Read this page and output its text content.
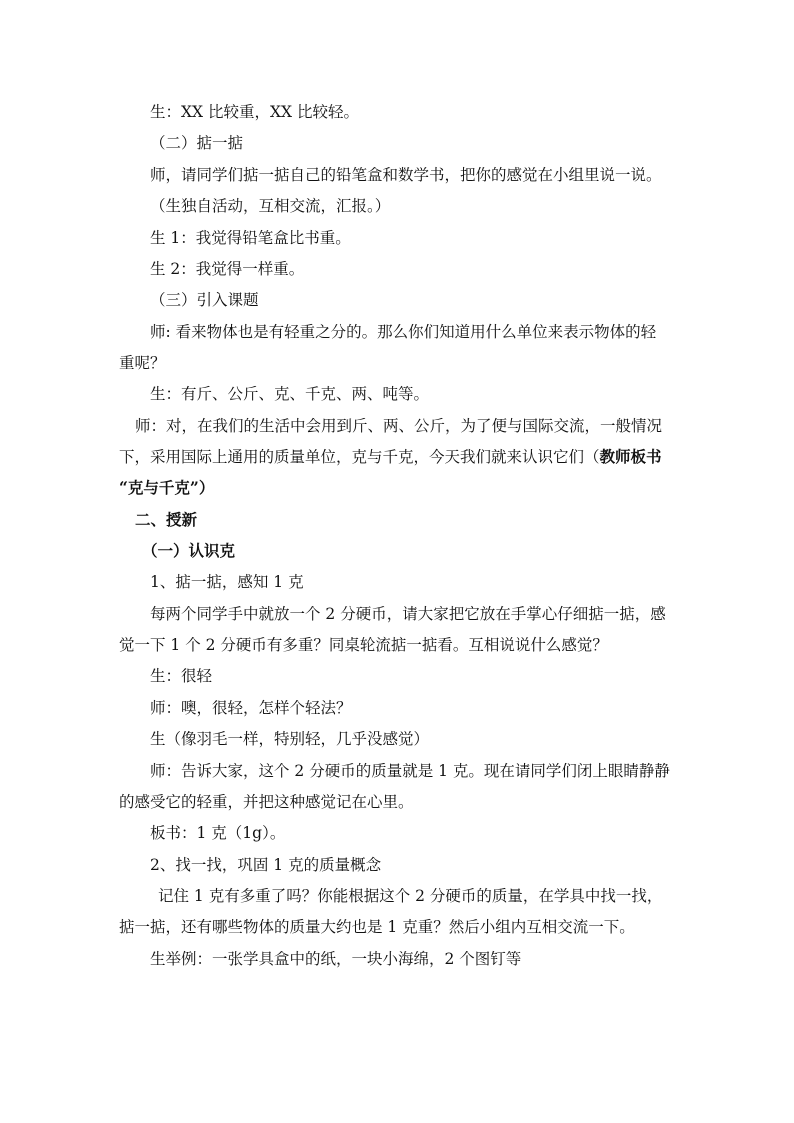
生：XX 比较重，XX 比较轻。
（二）掂一掂
师，请同学们掂一掂自己的铅笔盒和数学书，把你的感觉在小组里说一说。
（生独自活动，互相交流，汇报。）
生 1：我觉得铅笔盒比书重。
生 2：我觉得一样重。
（三）引入课题
师: 看来物体也是有轻重之分的。那么你们知道用什么单位来表示物体的轻
重呢？
生：有斤、公斤、克、千克、两、吨等。
师：对，在我们的生活中会用到斤、两、公斤，为了便与国际交流，一般情况
下，采用国际上通用的质量单位，克与千克，今天我们就来认识它们（教师板书
“克与千克”）
二、授新
（一）认识克
1、掂一掂，感知 1 克
每两个同学手中就放一个 2 分硬币，请大家把它放在手掌心仔细掂一掂，感
觉一下 1 个 2 分硬币有多重？同桌轮流掂一掂看。互相说说什么感觉？
生：很轻
师：噢，很轻，怎样个轻法？
生（像羽毛一样，特别轻，几乎没感觉）
师：告诉大家，这个 2 分硬币的质量就是 1 克。现在请同学们闭上眼睛静静
的感受它的轻重，并把这种感觉记在心里。
板书：1 克（1g）。
2、找一找，巩固 1 克的质量概念
记住 1 克有多重了吗？你能根据这个 2 分硬币的质量，在学具中找一找，
掂一掂，还有哪些物体的质量大约也是 1 克重？然后小组内互相交流一下。
生举例：一张学具盒中的纸，一块小海绵，2 个图钉等
